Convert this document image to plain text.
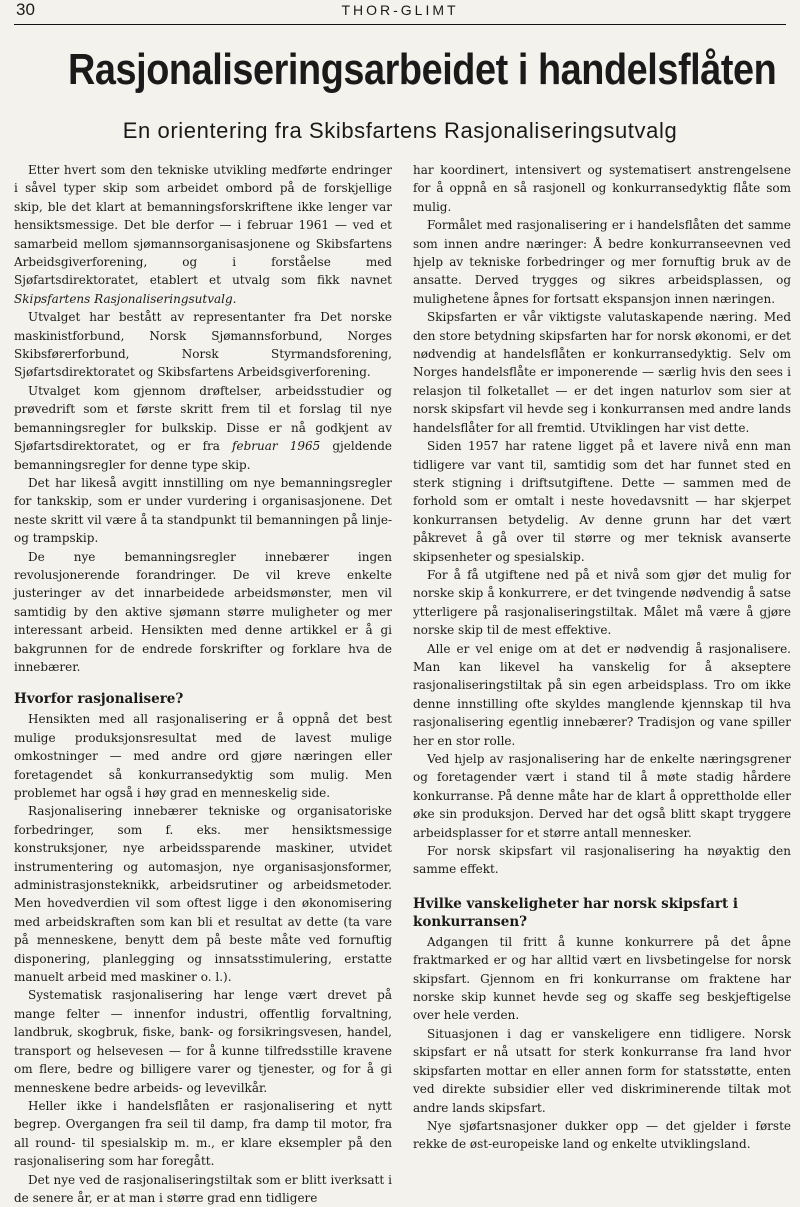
30	THOR-GLIMT
Rasjonaliseringsarbeidet i handelsflåten
En orientering fra Skibsfartens Rasjonaliseringsutvalg

Etter hvert som den tekniske utvikling medførte endringer i såvel typer skip som arbeidet ombord på de forskjellige skip, ble det klart at bemanningsforskriftene ikke lenger var hensiktsmessige. Det ble derfor — i februar 1961 — ved et samarbeid mellom sjømannsorganisasjonene og Skibsfartens Arbeidsgiverforening, og i forståelse med Sjøfartsdirektoratet, etablert et utvalg som fikk navnet Skipsfartens Rasjonaliseringsutvalg.

Utvalget har bestått av representanter fra Det norske maskinistforbund, Norsk Sjømannsforbund, Norges Skibsførerforbund, Norsk Styrmandsforening, Sjøfartsdirektoratet og Skibsfartens Arbeidsgiverforening.

Utvalget kom gjennom drøftelser, arbeidsstudier og prøvedrift som et første skritt frem til et forslag til nye bemanningsregler for bulkskip. Disse er nå godkjent av Sjøfartsdirektoratet, og er fra februar 1965 gjeldende bemanningsregler for denne type skip.

Det har likeså avgitt innstilling om nye bemanningsregler for tankskip, som er under vurdering i organisasjonene. Det neste skritt vil være å ta standpunkt til bemanningen på linje- og trampskip.

De nye bemanningsregler innebærer ingen revolusjonerende forandringer. De vil kreve enkelte justeringer av det innarbeidede arbeidsmønster, men vil samtidig by den aktive sjømann større muligheter og mer interessant arbeid. Hensikten med denne artikkel er å gi bakgrunnen for de endrede forskrifter og forklare hva de innebærer.

Hvorfor rasjonalisere?

Hensikten med all rasjonalisering er å oppnå det best mulige produksjonsresultat med de lavest mulige omkostninger — med andre ord gjøre næringen eller foretagendet så konkurransedyktig som mulig. Men problemet har også i høy grad en menneskelig side.

Rasjonalisering innebærer tekniske og organisatoriske forbedringer, som f. eks. mer hensiktsmessige konstruksjoner, nye arbeidssparende maskiner, utvidet instrumentering og automasjon, nye organisasjonsformer, administrasjonsteknikk, arbeidsrutiner og arbeidsmetoder. Men hovedverdien vil som oftest ligge i den økonomisering med arbeidskraften som kan bli et resultat av dette (ta vare på menneskene, benytt dem på beste måte ved fornuftig disponering, planlegging og innsatsstimulering, erstatte manuelt arbeid med maskiner o. l.).

Systematisk rasjonalisering har lenge vært drevet på mange felter — innenfor industri, offentlig forvaltning, landbruk, skogbruk, fiske, bank- og forsikringsvesen, handel, transport og helsevesen — for å kunne tilfredsstille kravene om flere, bedre og billigere varer og tjenester, og for å gi menneskene bedre arbeids- og levevilkår.

Heller ikke i handelsflåten er rasjonalisering et nytt begrep. Overgangen fra seil til damp, fra damp til motor, fra all round- til spesialskip m. m., er klare eksempler på den rasjonalisering som har foregått.

Det nye ved de rasjonaliseringstiltak som er blitt iverksatt i de senere år, er at man i større grad enn tidligere

har koordinert, intensivert og systematisert anstrengelsene for å oppnå en så rasjonell og konkurransedyktig flåte som mulig.

Formålet med rasjonalisering er i handelsflåten det samme som innen andre næringer: Å bedre konkurranseevnen ved hjelp av tekniske forbedringer og mer fornuftig bruk av de ansatte. Derved trygges og sikres arbeidsplassen, og mulighetene åpnes for fortsatt ekspansjon innen næringen.

Skipsfarten er vår viktigste valutaskapende næring. Med den store betydning skipsfarten har for norsk økonomi, er det nødvendig at handelsflåten er konkurransedyktig. Selv om Norges handelsflåte er imponerende — særlig hvis den sees i relasjon til folketallet — er det ingen naturlov som sier at norsk skipsfart vil hevde seg i konkurransen med andre lands handelsflåter for all fremtid. Utviklingen har vist dette.

Siden 1957 har ratene ligget på et lavere nivå enn man tidligere var vant til, samtidig som det har funnet sted en sterk stigning i driftsutgiftene. Dette — sammen med de forhold som er omtalt i neste hovedavsnitt — har skjerpet konkurransen betydelig. Av denne grunn har det vært påkrevet å gå over til større og mer teknisk avanserte skipsenheter og spesialskip.

For å få utgiftene ned på et nivå som gjør det mulig for norske skip å konkurrere, er det tvingende nødvendig å satse ytterligere på rasjonaliseringstiltak. Målet må være å gjøre norske skip til de mest effektive.

Alle er vel enige om at det er nødvendig å rasjonalisere. Man kan likevel ha vanskelig for å akseptere rasjonaliseringstiltak på sin egen arbeidsplass. Tro om ikke denne innstilling ofte skyldes manglende kjennskap til hva rasjonalisering egentlig innebærer? Tradisjon og vane spiller her en stor rolle.

Ved hjelp av rasjonalisering har de enkelte næringsgrener og foretagender vært i stand til å møte stadig hårdere konkurranse. På denne måte har de klart å opprettholde eller øke sin produksjon. Derved har det også blitt skapt tryggere arbeidsplasser for et større antall mennesker.

For norsk skipsfart vil rasjonalisering ha nøyaktig den samme effekt.

Hvilke vanskeligheter har norsk skipsfart i konkurransen?

Adgangen til fritt å kunne konkurrere på det åpne fraktmarked er og har alltid vært en livsbetingelse for norsk skipsfart. Gjennom en fri konkurranse om fraktene har norske skip kunnet hevde seg og skaffe seg beskjeftigelse over hele verden.

Situasjonen i dag er vanskeligere enn tidligere. Norsk skipsfart er nå utsatt for sterk konkurranse fra land hvor skipsfarten mottar en eller annen form for statsstøtte, enten ved direkte subsidier eller ved diskriminerende tiltak mot andre lands skipsfart.

Nye sjøfartsnasjoner dukker opp — det gjelder i første rekke de øst-europeiske land og enkelte utviklingsland.
